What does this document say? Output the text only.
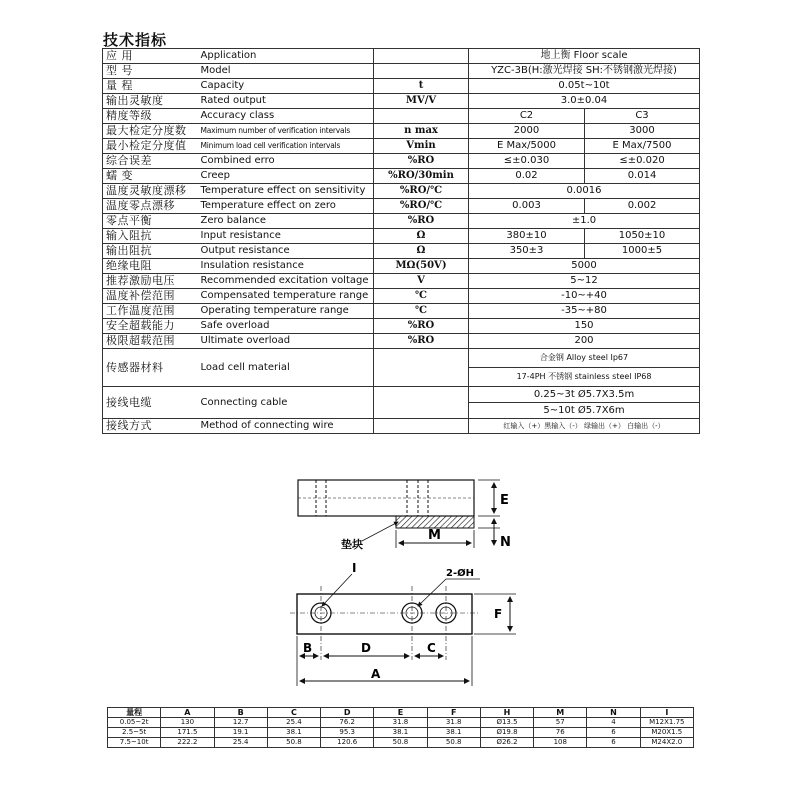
技术指标
应 用	Application		地上衡 Floor scale	
型 号	Model		YZC-3B(H:激光焊接 SH:不锈钢激光焊接)	
量 程	Capacity	t	0.05t~10t	
输出灵敏度	Rated output	MV/V	3.0±0.04	
精度等级	Accuracy class		C2	C3
最大检定分度数	Maximum number of verification intervals	n max	2000	3000
最小检定分度值	Minimum load cell verification intervals	Vmin	E Max/5000	E Max/7500
综合误差	Combined erro	%RO	≤±0.030	≤±0.020
蠕 变	Creep	%RO/30min	0.02	0.014
温度灵敏度漂移	Temperature effect on sensitivity	%RO/℃	0.0016	
温度零点漂移	Temperature effect on zero	%RO/℃	0.003	0.002
零点平衡	Zero balance	%RO	±1.0	
输入阻抗	Input resistance	Ω	380±10	1050±10
输出阻抗	Output resistance	Ω	350±3	1000±5
绝缘电阻	Insulation resistance	MΩ(50V)	5000	
推荐激励电压	Recommended excitation voltage	V	5~12	
温度补偿范围	Compensated temperature range	℃	-10~+40	
工作温度范围	Operating temperature range	℃	-35~+80	
安全超载能力	Safe overload	%RO	150	
极限超载范围	Ultimate overload	%RO	200	
传感器材料	Load cell material		合金钢 Alloy steel Ip67	
			17-4PH 不锈钢 stainless steel IP68	
接线电缆	Connecting cable		0.25~3t Ø5.7X3.5m	
			5~10t Ø5.7X6m	
接线方式	Method of connecting wire		红输入（+）黑输入（-） 绿输出（+） 白输出（-）	
E
N
M
垫块
I	2-ØH
F
B	D	C
A
量程	A	B	C	D	E	F	H	M	N	I
0.05~2t	130	12.7	25.4	76.2	31.8	31.8	Ø13.5	57	4	M12X1.75
2.5~5t	171.5	19.1	38.1	95.3	38.1	38.1	Ø19.8	76	6	M20X1.5
7.5~10t	222.2	25.4	50.8	120.6	50.8	50.8	Ø26.2	108	6	M24X2.0
